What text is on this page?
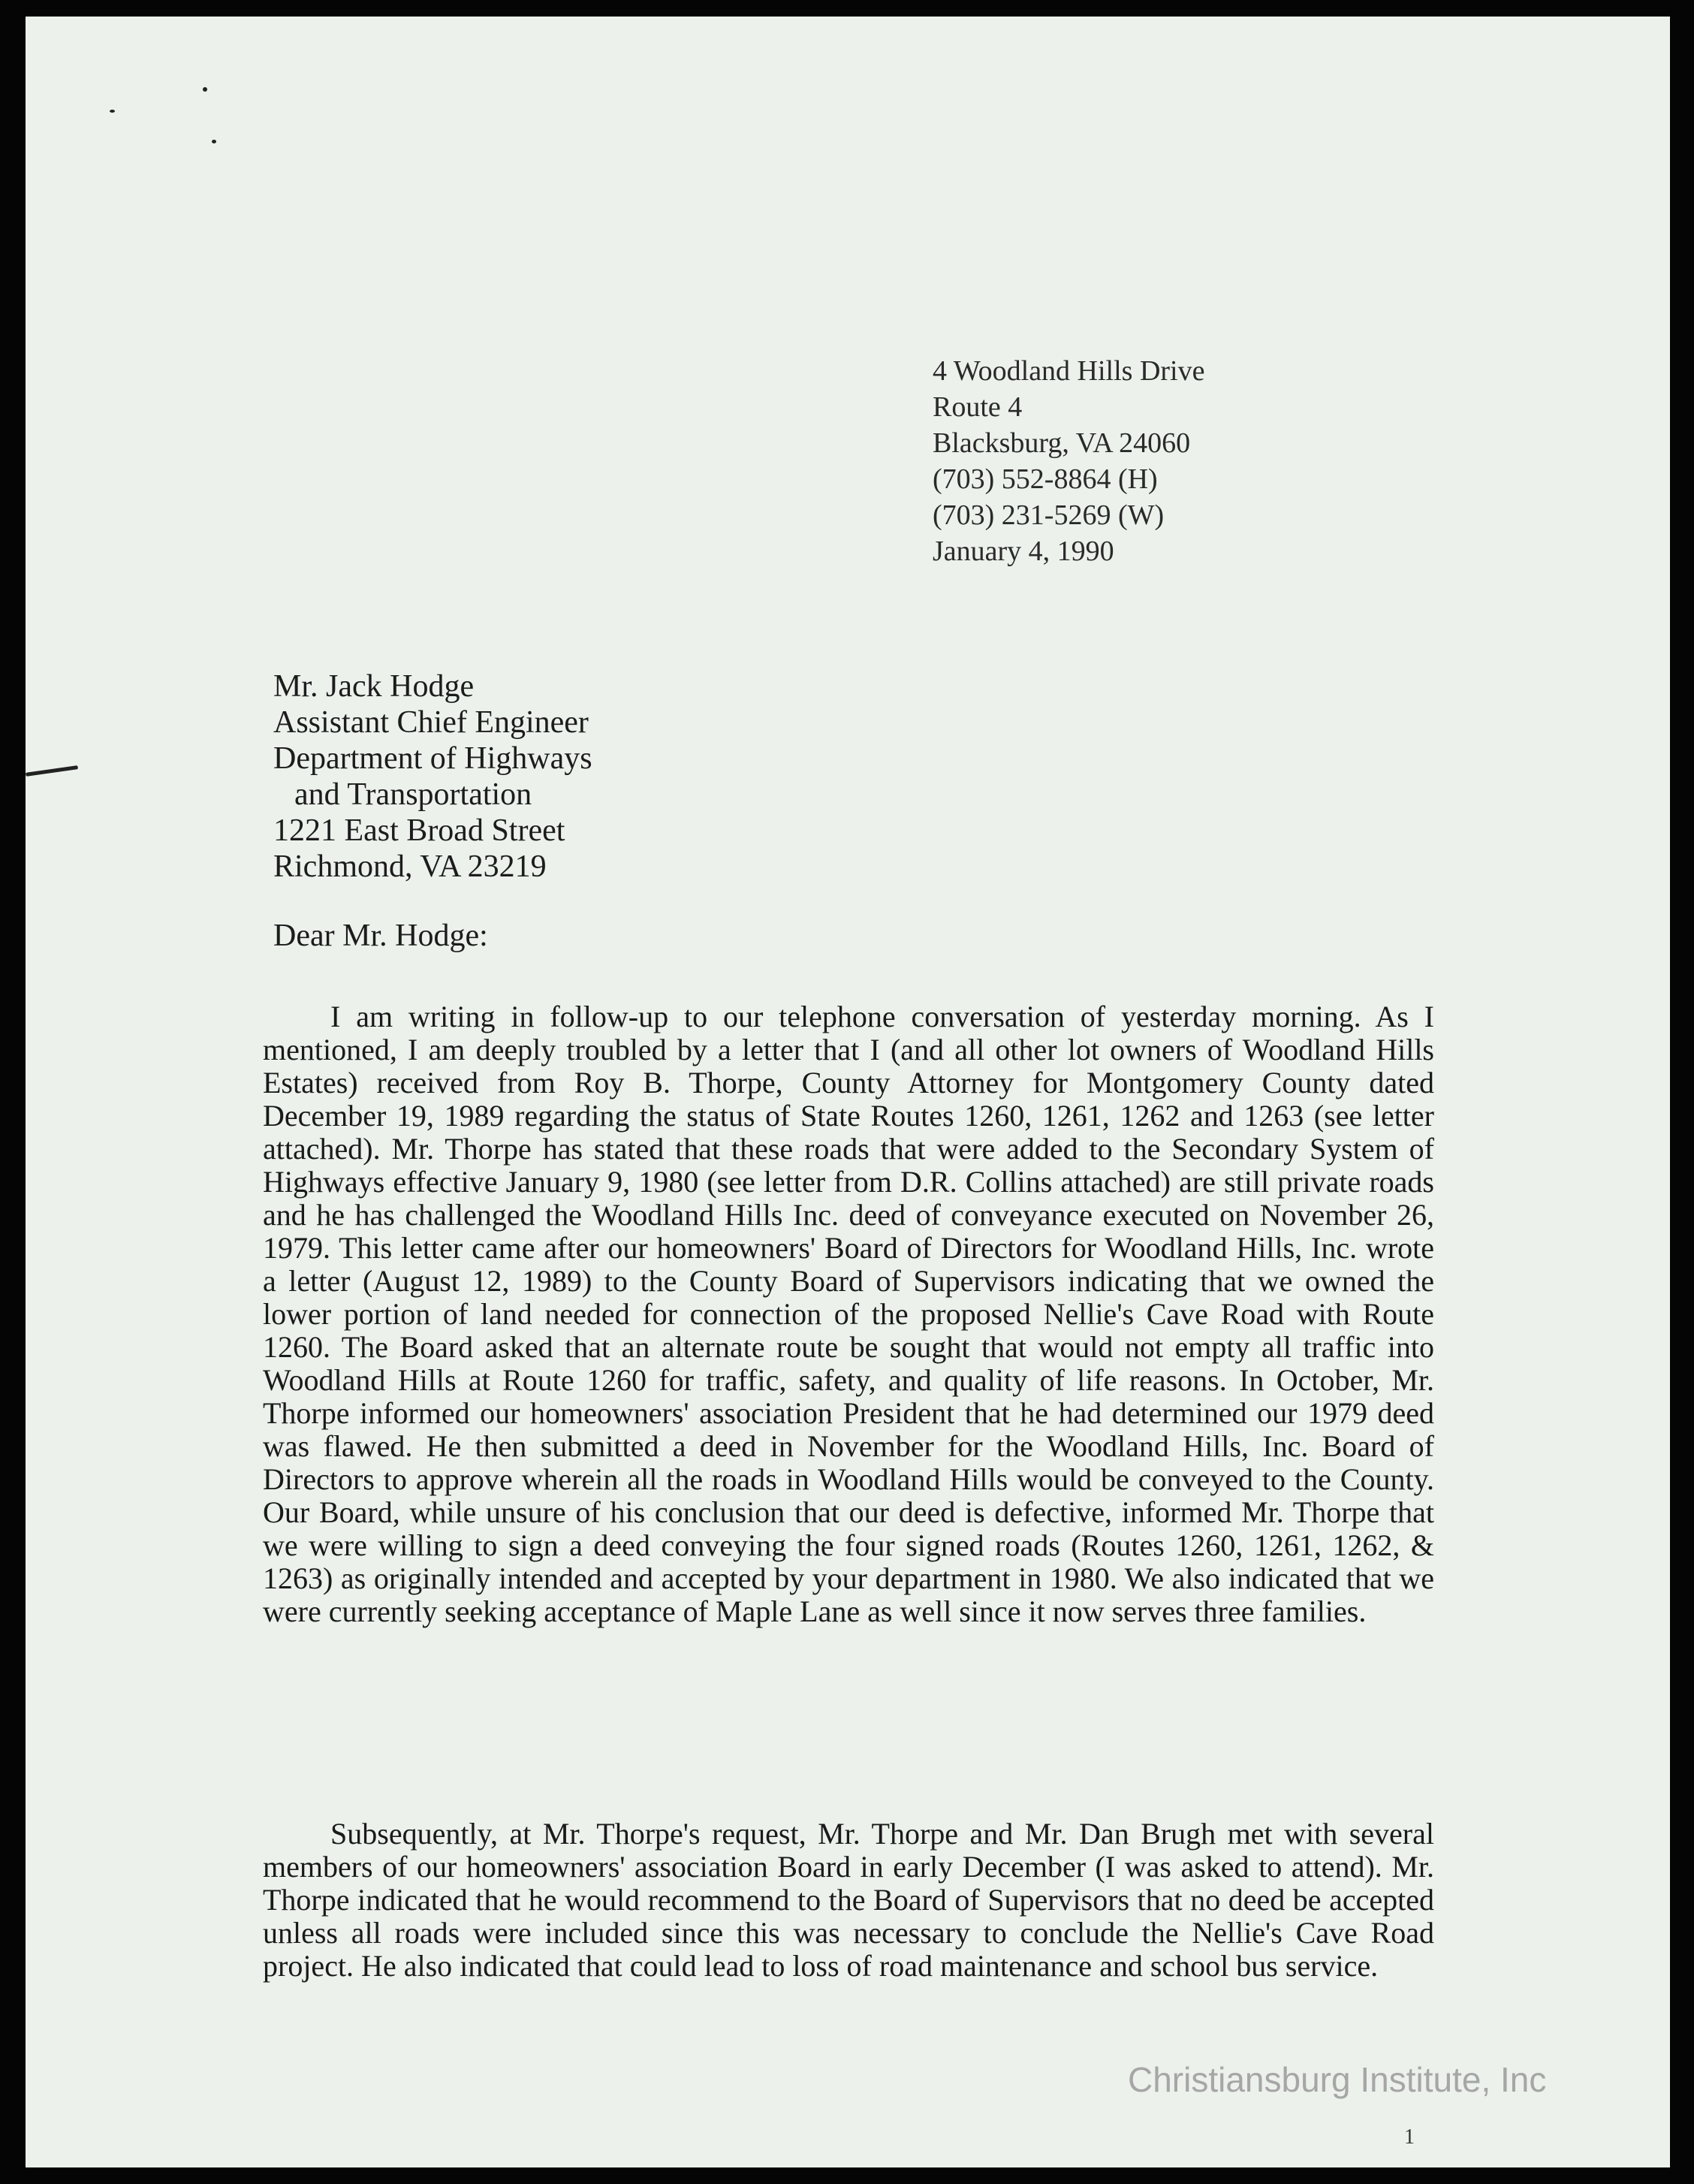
4 Woodland Hills Drive
Route 4
Blacksburg, VA 24060
(703) 552-8864 (H)
(703) 231-5269 (W)
January 4, 1990
Mr. Jack Hodge
Assistant Chief Engineer
Department of Highways
and Transportation
1221 East Broad Street
Richmond, VA 23219
Dear Mr. Hodge:
I am writing in follow-up to our telephone conversation of yesterday morning. As I mentioned, I am deeply troubled by a letter that I (and all other lot owners of Woodland Hills Estates) received from Roy B. Thorpe, County Attorney for Montgomery County dated December 19, 1989 regarding the status of State Routes 1260, 1261, 1262 and 1263 (see letter attached). Mr. Thorpe has stated that these roads that were added to the Secondary System of Highways effective January 9, 1980 (see letter from D.R. Collins attached) are still private roads and he has challenged the Woodland Hills Inc. deed of conveyance executed on November 26, 1979. This letter came after our homeowners' Board of Directors for Woodland Hills, Inc. wrote a letter (August 12, 1989) to the County Board of Supervisors indicating that we owned the lower portion of land needed for connection of the proposed Nellie's Cave Road with Route 1260. The Board asked that an alternate route be sought that would not empty all traffic into Woodland Hills at Route 1260 for traffic, safety, and quality of life reasons. In October, Mr. Thorpe informed our homeowners' association President that he had determined our 1979 deed was flawed. He then submitted a deed in November for the Woodland Hills, Inc. Board of Directors to approve wherein all the roads in Woodland Hills would be conveyed to the County. Our Board, while unsure of his conclusion that our deed is defective, informed Mr. Thorpe that we were willing to sign a deed conveying the four signed roads (Routes 1260, 1261, 1262, & 1263) as originally intended and accepted by your department in 1980. We also indicated that we were currently seeking acceptance of Maple Lane as well since it now serves three families.
Subsequently, at Mr. Thorpe's request, Mr. Thorpe and Mr. Dan Brugh met with several members of our homeowners' association Board in early December (I was asked to attend). Mr. Thorpe indicated that he would recommend to the Board of Supervisors that no deed be accepted unless all roads were included since this was necessary to conclude the Nellie's Cave Road project. He also indicated that could lead to loss of road maintenance and school bus service.
Christiansburg Institute, Inc
1
